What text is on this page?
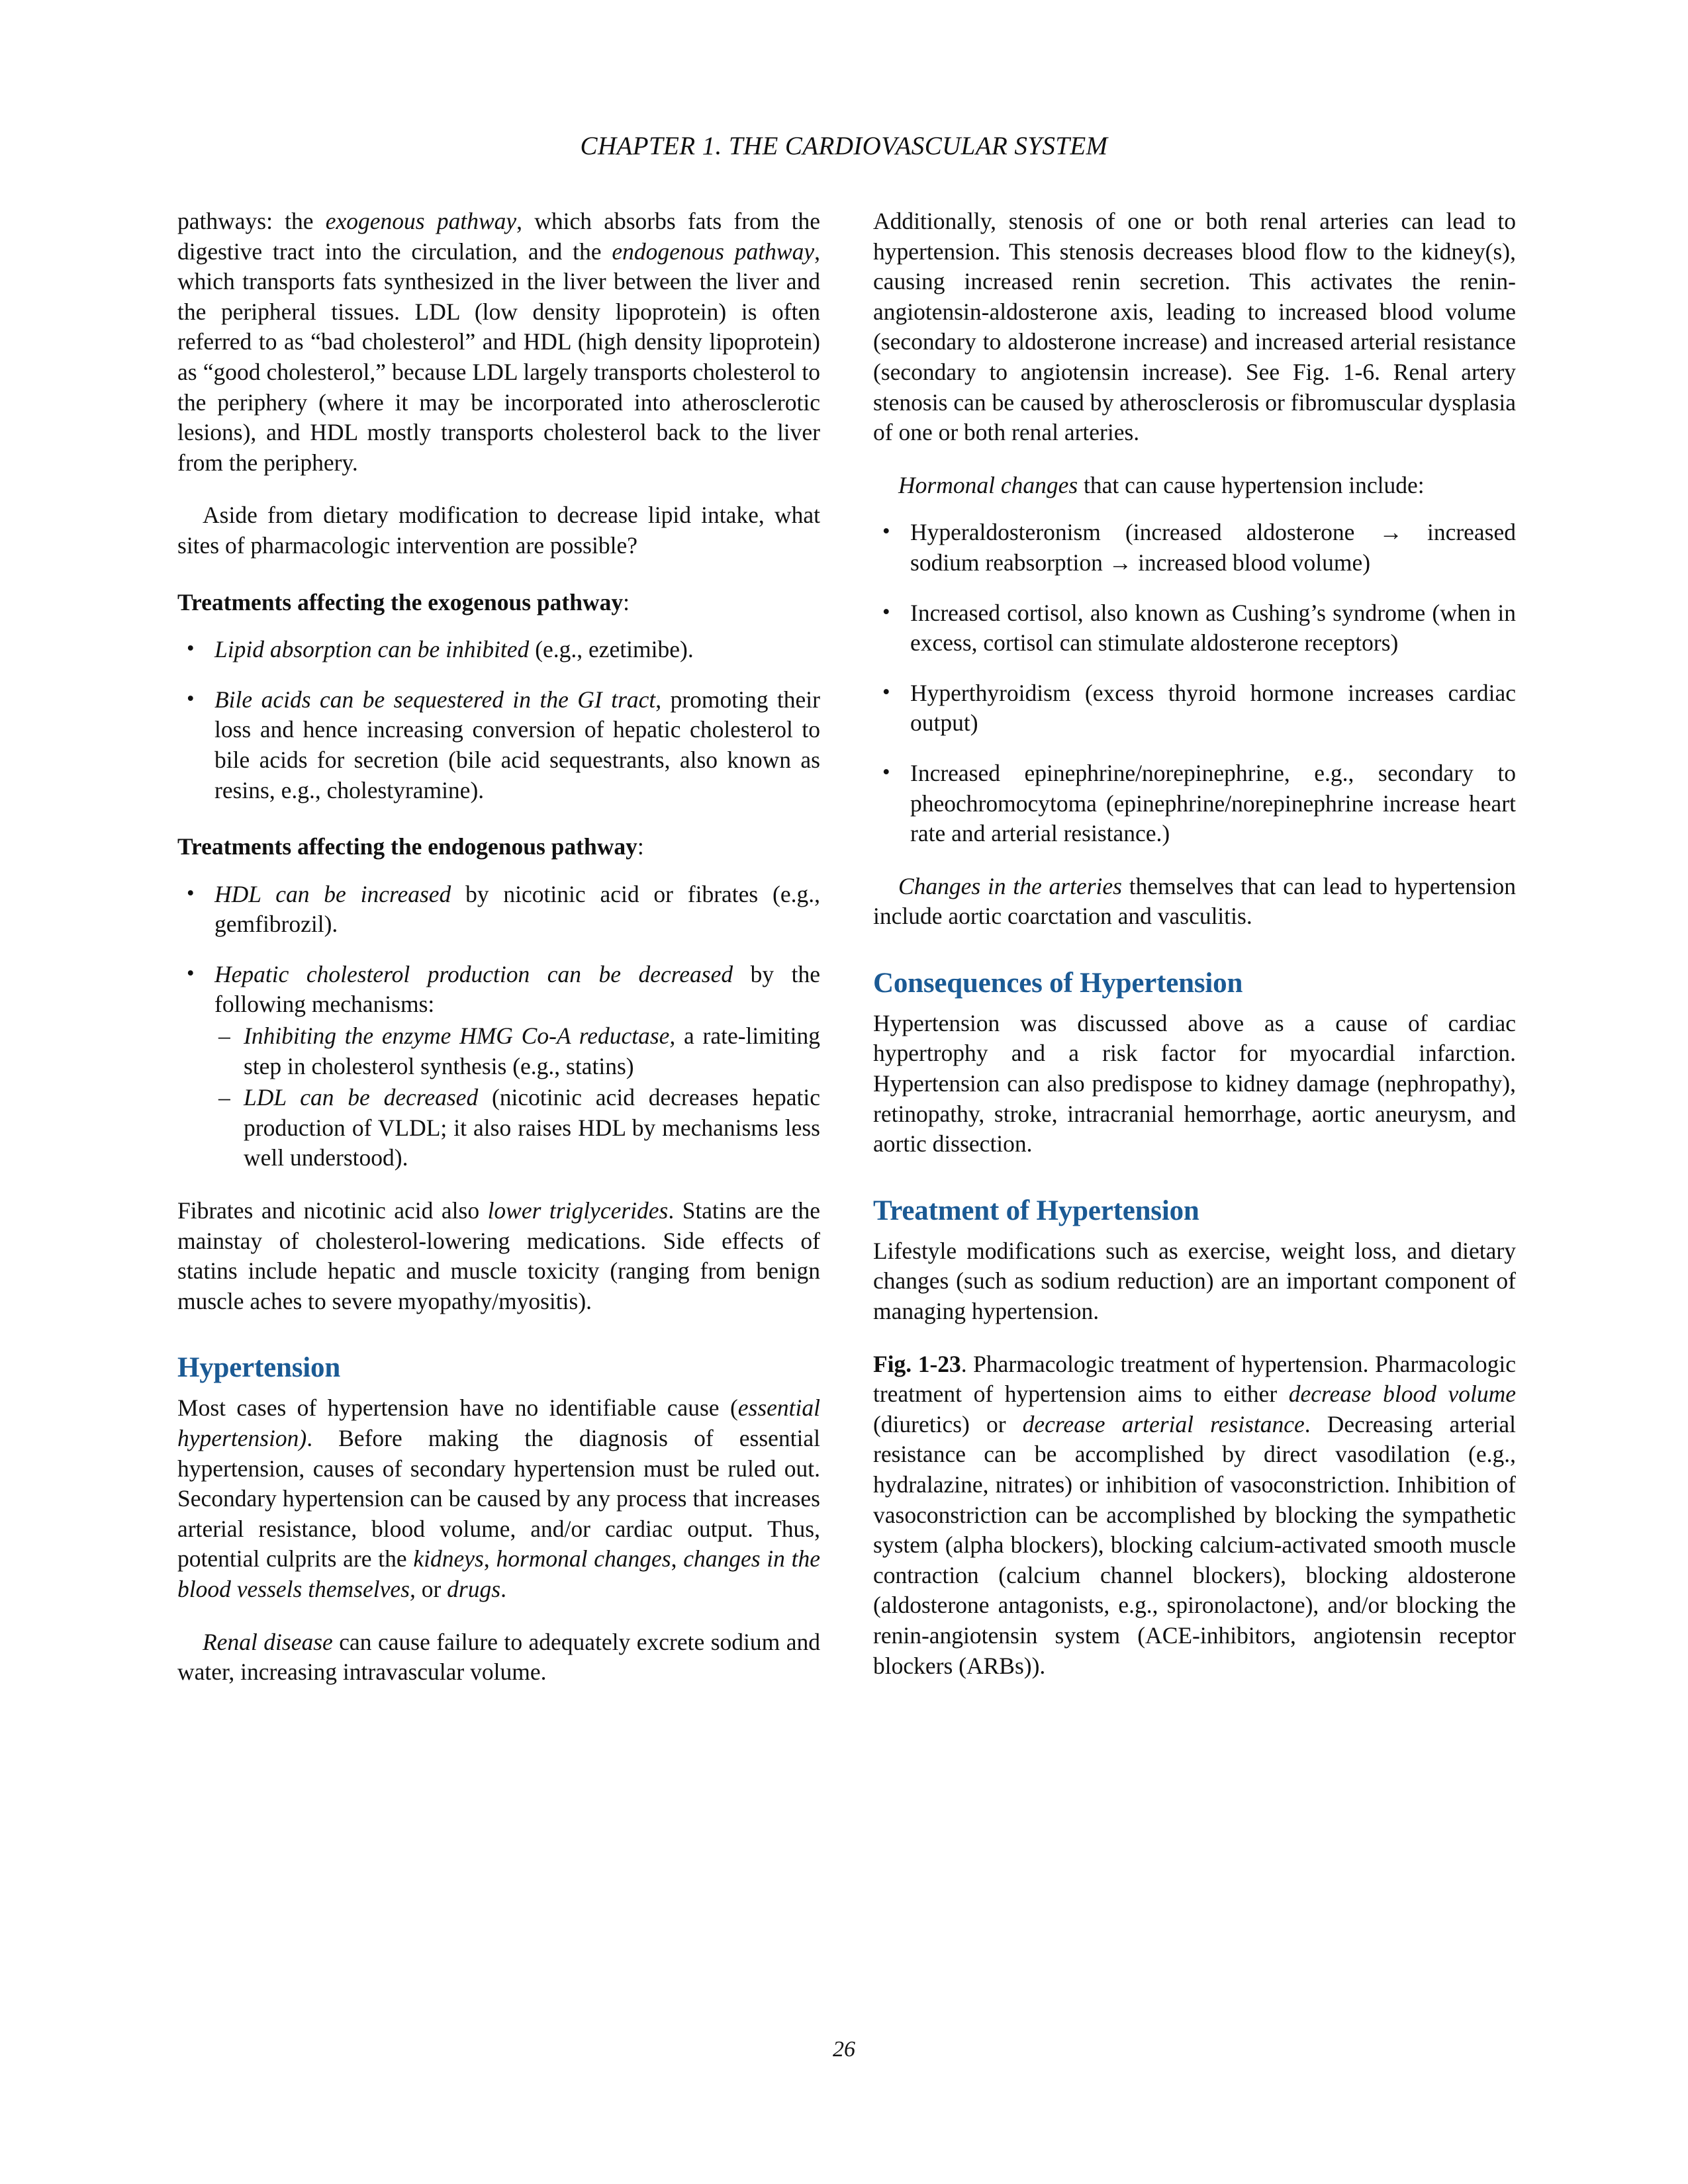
CHAPTER 1. THE CARDIOVASCULAR SYSTEM

pathways: the exogenous pathway, which absorbs fats from the digestive tract into the circulation, and the endogenous pathway, which transports fats synthesized in the liver between the liver and the peripheral tissues. LDL (low density lipoprotein) is often referred to as “bad cholesterol” and HDL (high density lipoprotein) as “good cholesterol,” because LDL largely transports cholesterol to the periphery (where it may be incorporated into atherosclerotic lesions), and HDL mostly transports cholesterol back to the liver from the periphery.

Aside from dietary modification to decrease lipid intake, what sites of pharmacologic intervention are possible?

Treatments affecting the exogenous pathway:

• Lipid absorption can be inhibited (e.g., ezetimibe).
• Bile acids can be sequestered in the GI tract, promoting their loss and hence increasing conversion of hepatic cholesterol to bile acids for secretion (bile acid sequestrants, also known as resins, e.g., cholestyramine).

Treatments affecting the endogenous pathway:

• HDL can be increased by nicotinic acid or fibrates (e.g., gemfibrozil).
• Hepatic cholesterol production can be decreased by the following mechanisms:
– Inhibiting the enzyme HMG Co-A reductase, a rate-limiting step in cholesterol synthesis (e.g., statins)
– LDL can be decreased (nicotinic acid decreases hepatic production of VLDL; it also raises HDL by mechanisms less well understood).

Fibrates and nicotinic acid also lower triglycerides. Statins are the mainstay of cholesterol-lowering medications. Side effects of statins include hepatic and muscle toxicity (ranging from benign muscle aches to severe myopathy/myositis).

Hypertension

Most cases of hypertension have no identifiable cause (essential hypertension). Before making the diagnosis of essential hypertension, causes of secondary hypertension must be ruled out. Secondary hypertension can be caused by any process that increases arterial resistance, blood volume, and/or cardiac output. Thus, potential culprits are the kidneys, hormonal changes, changes in the blood vessels themselves, or drugs.

Renal disease can cause failure to adequately excrete sodium and water, increasing intravascular volume.

Additionally, stenosis of one or both renal arteries can lead to hypertension. This stenosis decreases blood flow to the kidney(s), causing increased renin secretion. This activates the renin-angiotensin-aldosterone axis, leading to increased blood volume (secondary to aldosterone increase) and increased arterial resistance (secondary to angiotensin increase). See Fig. 1-6. Renal artery stenosis can be caused by atherosclerosis or fibromuscular dysplasia of one or both renal arteries.

Hormonal changes that can cause hypertension include:

• Hyperaldosteronism (increased aldosterone → increased sodium reabsorption → increased blood volume)
• Increased cortisol, also known as Cushing’s syndrome (when in excess, cortisol can stimulate aldosterone receptors)
• Hyperthyroidism (excess thyroid hormone increases cardiac output)
• Increased epinephrine/norepinephrine, e.g., secondary to pheochromocytoma (epinephrine/norepinephrine increase heart rate and arterial resistance.)

Changes in the arteries themselves that can lead to hypertension include aortic coarctation and vasculitis.

Consequences of Hypertension

Hypertension was discussed above as a cause of cardiac hypertrophy and a risk factor for myocardial infarction. Hypertension can also predispose to kidney damage (nephropathy), retinopathy, stroke, intracranial hemorrhage, aortic aneurysm, and aortic dissection.

Treatment of Hypertension

Lifestyle modifications such as exercise, weight loss, and dietary changes (such as sodium reduction) are an important component of managing hypertension.

Fig. 1-23. Pharmacologic treatment of hypertension. Pharmacologic treatment of hypertension aims to either decrease blood volume (diuretics) or decrease arterial resistance. Decreasing arterial resistance can be accomplished by direct vasodilation (e.g., hydralazine, nitrates) or inhibition of vasoconstriction. Inhibition of vasoconstriction can be accomplished by blocking the sympathetic system (alpha blockers), blocking calcium-activated smooth muscle contraction (calcium channel blockers), blocking aldosterone (aldosterone antagonists, e.g., spironolactone), and/or blocking the renin-angiotensin system (ACE-inhibitors, angiotensin receptor blockers (ARBs)).

26
